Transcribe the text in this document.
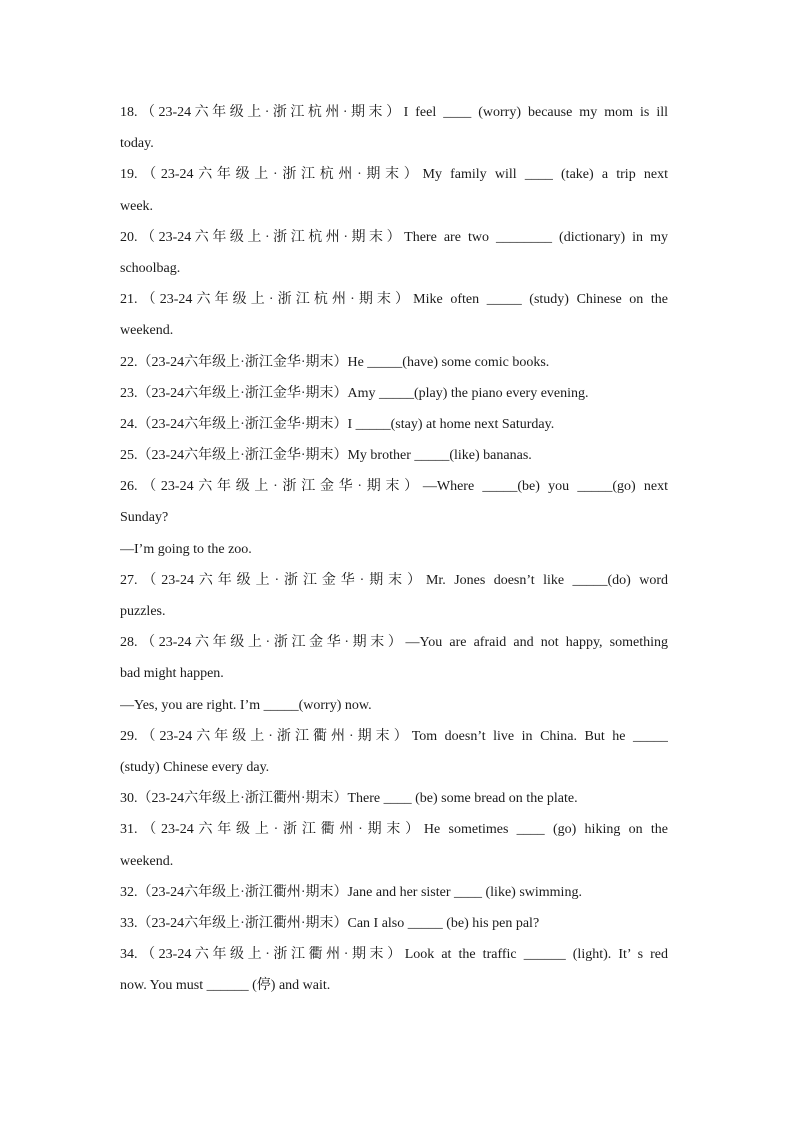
18.（23-24六年级上·浙江杭州·期末）I feel ____ (worry) because my mom is ill
today.
19.（23-24六年级上·浙江杭州·期末）My family will ____ (take) a trip next
week.
20.（23-24六年级上·浙江杭州·期末）There are two ________ (dictionary) in my
schoolbag.
21.（23-24六年级上·浙江杭州·期末）Mike often _____ (study) Chinese on the
weekend.
22.（23-24六年级上·浙江金华·期末）He _____(have) some comic books.
23.（23-24六年级上·浙江金华·期末）Amy _____(play) the piano every evening.
24.（23-24六年级上·浙江金华·期末）I _____(stay) at home next Saturday.
25.（23-24六年级上·浙江金华·期末）My brother _____(like) bananas.
26.（23-24六年级上·浙江金华·期末）—Where _____(be) you _____(go) next
Sunday?
—I’m going to the zoo.
27.（23-24六年级上·浙江金华·期末）Mr. Jones doesn’t like _____(do) word
puzzles.
28.（23-24六年级上·浙江金华·期末）—You are afraid and not happy, something
bad might happen.
—Yes, you are right. I’m _____(worry) now.
29.（23-24六年级上·浙江衢州·期末）Tom doesn’t live in China. But he _____
(study) Chinese every day.
30.（23-24六年级上·浙江衢州·期末）There ____ (be) some bread on the plate.
31.（23-24六年级上·浙江衢州·期末）He sometimes ____ (go) hiking on the
weekend.
32.（23-24六年级上·浙江衢州·期末）Jane and her sister ____ (like) swimming.
33.（23-24六年级上·浙江衢州·期末）Can I also _____ (be) his pen pal?
34.（23-24六年级上·浙江衢州·期末）Look at the traffic ______ (light). It’ s red
now. You must ______ (停) and wait.
